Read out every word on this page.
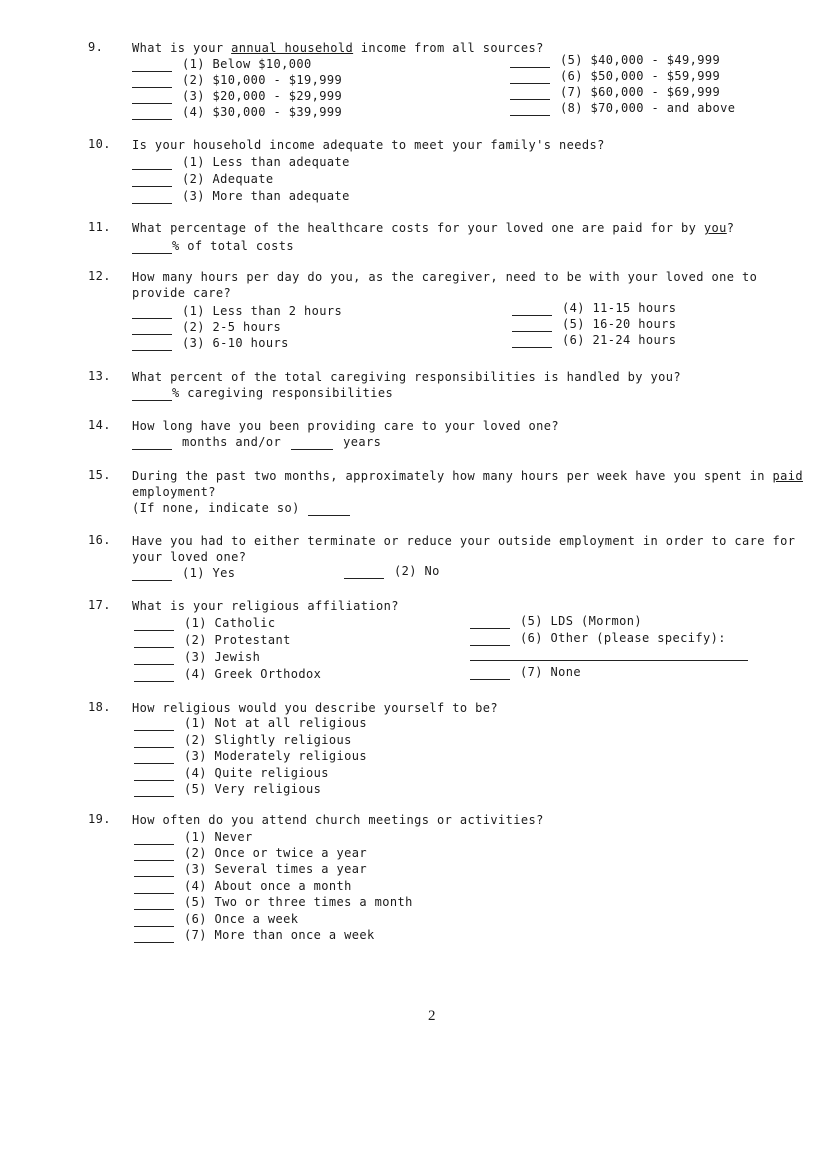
9. What is your annual household income from all sources?
(1) Below $10,000
(2) $10,000 - $19,999
(3) $20,000 - $29,999
(4) $30,000 - $39,999
(5) $40,000 - $49,999
(6) $50,000 - $59,999
(7) $60,000 - $69,999
(8) $70,000 - and above
10. Is your household income adequate to meet your family's needs?
(1) Less than adequate
(2) Adequate
(3) More than adequate
11. What percentage of the healthcare costs for your loved one are paid for by you?
% of total costs
12. How many hours per day do you, as the caregiver, need to be with your loved one to provide care?
(1) Less than 2 hours
(2) 2-5 hours
(3) 6-10 hours
(4) 11-15 hours
(5) 16-20 hours
(6) 21-24 hours
13. What percent of the total caregiving responsibilities is handled by you?
% caregiving responsibilities
14. How long have you been providing care to your loved one?
months and/or	years
15. During the past two months, approximately how many hours per week have you spent in paid employment?
(If none, indicate so)
16. Have you had to either terminate or reduce your outside employment in order to care for your loved one?
(1) Yes	(2) No
17. What is your religious affiliation?
(1) Catholic
(2) Protestant
(3) Jewish
(4) Greek Orthodox
(5) LDS (Mormon)
(6) Other (please specify):
(7) None
18. How religious would you describe yourself to be?
(1) Not at all religious
(2) Slightly religious
(3) Moderately religious
(4) Quite religious
(5) Very religious
19. How often do you attend church meetings or activities?
(1) Never
(2) Once or twice a year
(3) Several times a year
(4) About once a month
(5) Two or three times a month
(6) Once a week
(7) More than once a week
2
